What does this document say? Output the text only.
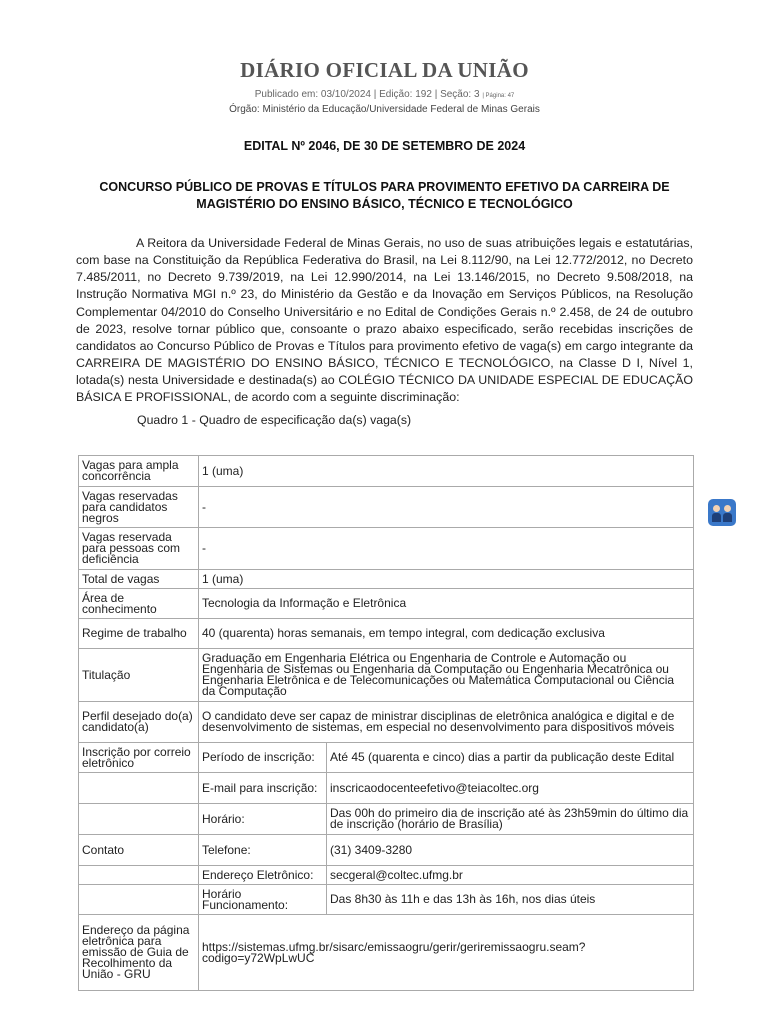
DIÁRIO OFICIAL DA UNIÃO
Publicado em: 03/10/2024 | Edição: 192 | Seção: 3 | Página: 47
Órgão: Ministério da Educação/Universidade Federal de Minas Gerais
EDITAL Nº 2046, DE 30 DE SETEMBRO DE 2024
CONCURSO PÚBLICO DE PROVAS E TÍTULOS PARA PROVIMENTO EFETIVO DA CARREIRA DE MAGISTÉRIO DO ENSINO BÁSICO, TÉCNICO E TECNOLÓGICO
A Reitora da Universidade Federal de Minas Gerais, no uso de suas atribuições legais e estatutárias, com base na Constituição da República Federativa do Brasil, na Lei 8.112/90, na Lei 12.772/2012, no Decreto 7.485/2011, no Decreto 9.739/2019, na Lei 12.990/2014, na Lei 13.146/2015, no Decreto 9.508/2018, na Instrução Normativa MGI n.º 23, do Ministério da Gestão e da Inovação em Serviços Públicos, na Resolução Complementar 04/2010 do Conselho Universitário e no Edital de Condições Gerais n.º 2.458, de 24 de outubro de 2023, resolve tornar público que, consoante o prazo abaixo especificado, serão recebidas inscrições de candidatos ao Concurso Público de Provas e Títulos para provimento efetivo de vaga(s) em cargo integrante da CARREIRA DE MAGISTÉRIO DO ENSINO BÁSICO, TÉCNICO E TECNOLÓGICO, na Classe D I, Nível 1, lotada(s) nesta Universidade e destinada(s) ao COLÉGIO TÉCNICO DA UNIDADE ESPECIAL DE EDUCAÇÃO BÁSICA E PROFISSIONAL, de acordo com a seguinte discriminação:
Quadro 1 - Quadro de especificação da(s) vaga(s)
Vagas para ampla concorrência	1 (uma)	
Vagas reservadas para candidatos negros	-	
Vagas reservada para pessoas com deficiência	-	
Total de vagas	1 (uma)	
Área de conhecimento	Tecnologia da Informação e Eletrônica	
Regime de trabalho	40 (quarenta) horas semanais, em tempo integral, com dedicação exclusiva	
Titulação	Graduação em Engenharia Elétrica ou Engenharia de Controle e Automação ou Engenharia de Sistemas ou Engenharia da Computação ou Engenharia Mecatrônica ou Engenharia Eletrônica e de Telecomunicações ou Matemática Computacional ou Ciência da Computação	
Perfil desejado do(a) candidato(a)	O candidato deve ser capaz de ministrar disciplinas de eletrônica analógica e digital e de desenvolvimento de sistemas, em especial no desenvolvimento para dispositivos móveis	
Inscrição por correio eletrônico	Período de inscrição:	Até 45 (quarenta e cinco) dias a partir da publicação deste Edital
	E-mail para inscrição:	inscricaodocenteefetivo@teiacoltec.org
	Horário:	Das 00h do primeiro dia de inscrição até às 23h59min do último dia de inscrição (horário de Brasília)
Contato	Telefone:	(31) 3409-3280
	Endereço Eletrônico:	secgeral@coltec.ufmg.br
	Horário Funcionamento:	Das 8h30 às 11h e das 13h às 16h, nos dias úteis
Endereço da página eletrônica para emissão de Guia de Recolhimento da União - GRU	https://sistemas.ufmg.br/sisarc/emissaogru/gerir/geriremissaogru.seam?codigo=y72WpLwUC	
